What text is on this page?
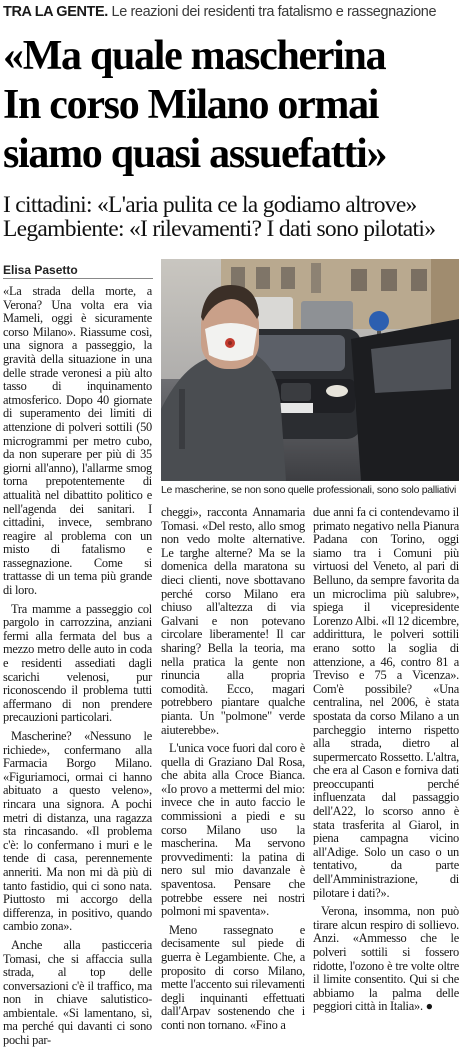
TRA LA GENTE. Le reazioni dei residenti tra fatalismo e rassegnazione
«Ma quale mascherina
In corso Milano ormai
siamo quasi assuefatti»
I cittadini: «L'aria pulita ce la godiamo altrove»
Legambiente: «I rilevamenti? I dati sono pilotati»
Elisa Pasetto

«La strada della morte, a Verona? Una volta era via Mameli, oggi è sicuramente corso Milano». Riassume così, una signora a passeggio, la gravità della situazione in una delle strade veronesi a più alto tasso di inquinamento atmosferico. Dopo 40 giornate di superamento dei limiti di attenzione di polveri sottili (50 microgrammi per metro cubo, da non superare per più di 35 giorni all'anno), l'allarme smog torna prepotentemente di attualità nel dibattito politico e nell'agenda dei sanitari. I cittadini, invece, sembrano reagire al problema con un misto di fatalismo e rassegnazione. Come si trattasse di un tema più grande di loro.

Tra mamme a passeggio col pargolo in carrozzina, anziani fermi alla fermata del bus a mezzo metro delle auto in coda e residenti assediati dagli scarichi velenosi, pur riconoscendo il problema tutti affermano di non prendere precauzioni particolari.

Mascherine? «Nessuno le richiede», confermano alla Farmacia Borgo Milano. «Figuriamoci, ormai ci hanno abituato a questo veleno», rincara una signora. A pochi metri di distanza, una ragazza sta rincasando. «Il problema c'è: lo confermano i muri e le tende di casa, perennemente anneriti. Ma non mi dà più di tanto fastidio, qui ci sono nata. Piuttosto mi accorgo della differenza, in positivo, quando cambio zona».

Anche alla pasticceria Tomasi, che si affaccia sulla strada, al top delle conversazioni c'è il traffico, ma non in chiave salutistico-ambientale. «Si lamentano, sì, ma perché qui davanti ci sono pochi par-

Le mascherine, se non sono quelle professionali, sono solo palliativi

cheggi», racconta Annamaria Tomasi. «Del resto, allo smog non vedo molte alternative. Le targhe alterne? Ma se la domenica della maratona su dieci clienti, nove sbottavano perché corso Milano era chiuso all'altezza di via Galvani e non potevano circolare liberamente! Il car sharing? Bella la teoria, ma nella pratica la gente non rinuncia alla propria comodità. Ecco, magari potrebbero piantare qualche pianta. Un "polmone" verde aiuterebbe».

L'unica voce fuori dal coro è quella di Graziano Dal Rosa, che abita alla Croce Bianca. «Io provo a mettermi del mio: invece che in auto faccio le commissioni a piedi e su corso Milano uso la mascherina. Ma servono provvedimenti: la patina di nero sul mio davanzale è spaventosa. Pensare che potrebbe essere nei nostri polmoni mi spaventa».

Meno rassegnato e decisamente sul piede di guerra è Legambiente. Che, a proposito di corso Milano, mette l'accento sui rilevamenti degli inquinanti effettuati dall'Arpav sostenendo che i conti non tornano. «Fino a

due anni fa ci contendevamo il primato negativo nella Pianura Padana con Torino, oggi siamo tra i Comuni più virtuosi del Veneto, al pari di Belluno, da sempre favorita da un microclima più salubre», spiega il vicepresidente Lorenzo Albi. «Il 12 dicembre, addirittura, le polveri sottili erano sotto la soglia di attenzione, a 46, contro 81 a Treviso e 75 a Vicenza». Com'è possibile? «Una centralina, nel 2006, è stata spostata da corso Milano a un parcheggio interno rispetto alla strada, dietro al supermercato Rossetto. L'altra, che era al Cason e forniva dati preoccupanti perché influenzata dal passaggio dell'A22, lo scorso anno è stata trasferita al Giarol, in piena campagna vicino all'Adige. Solo un caso o un tentativo, da parte dell'Amministrazione, di pilotare i dati?».

Verona, insomma, non può tirare alcun respiro di sollievo. Anzi. «Ammesso che le polveri sottili si fossero ridotte, l'ozono è tre volte oltre il limite consentito. Qui si che abbiamo la palma delle peggiori città in Italia». ●
